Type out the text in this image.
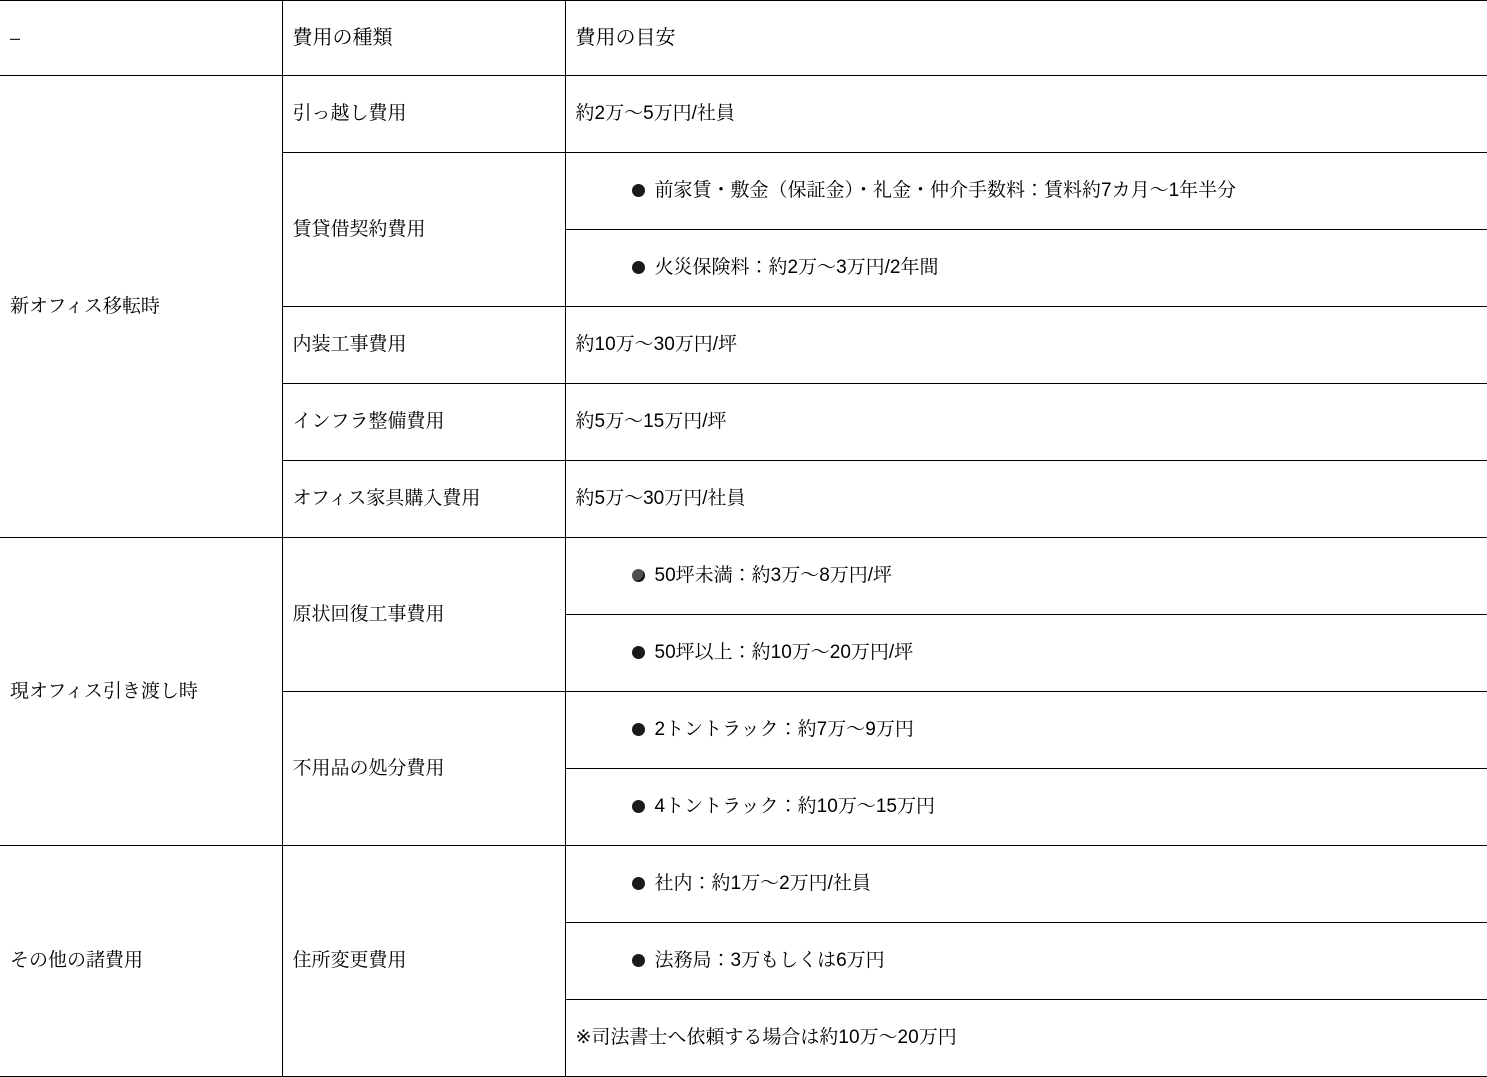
–	費用の種類	費用の目安
新オフィス移転時	引っ越し費用	約2万〜5万円/社員

	賃貸借契約費用	前家賃・敷金（保証金）・礼金・仲介手数料：賃料約7カ月〜1年半分

		火災保険料：約2万〜3万円/2年間

	内装工事費用	約10万〜30万円/坪

	インフラ整備費用	約5万〜15万円/坪

	オフィス家具購入費用	約5万〜30万円/社員

現オフィス引き渡し時	原状回復工事費用	50坪未満：約3万〜8万円/坪

		50坪以上：約10万〜20万円/坪

	不用品の処分費用	2トントラック：約7万〜9万円

		4トントラック：約10万〜15万円

その他の諸費用	住所変更費用	社内：約1万〜2万円/社員

		法務局：3万もしくは6万円

		※司法書士へ依頼する場合は約10万〜20万円
